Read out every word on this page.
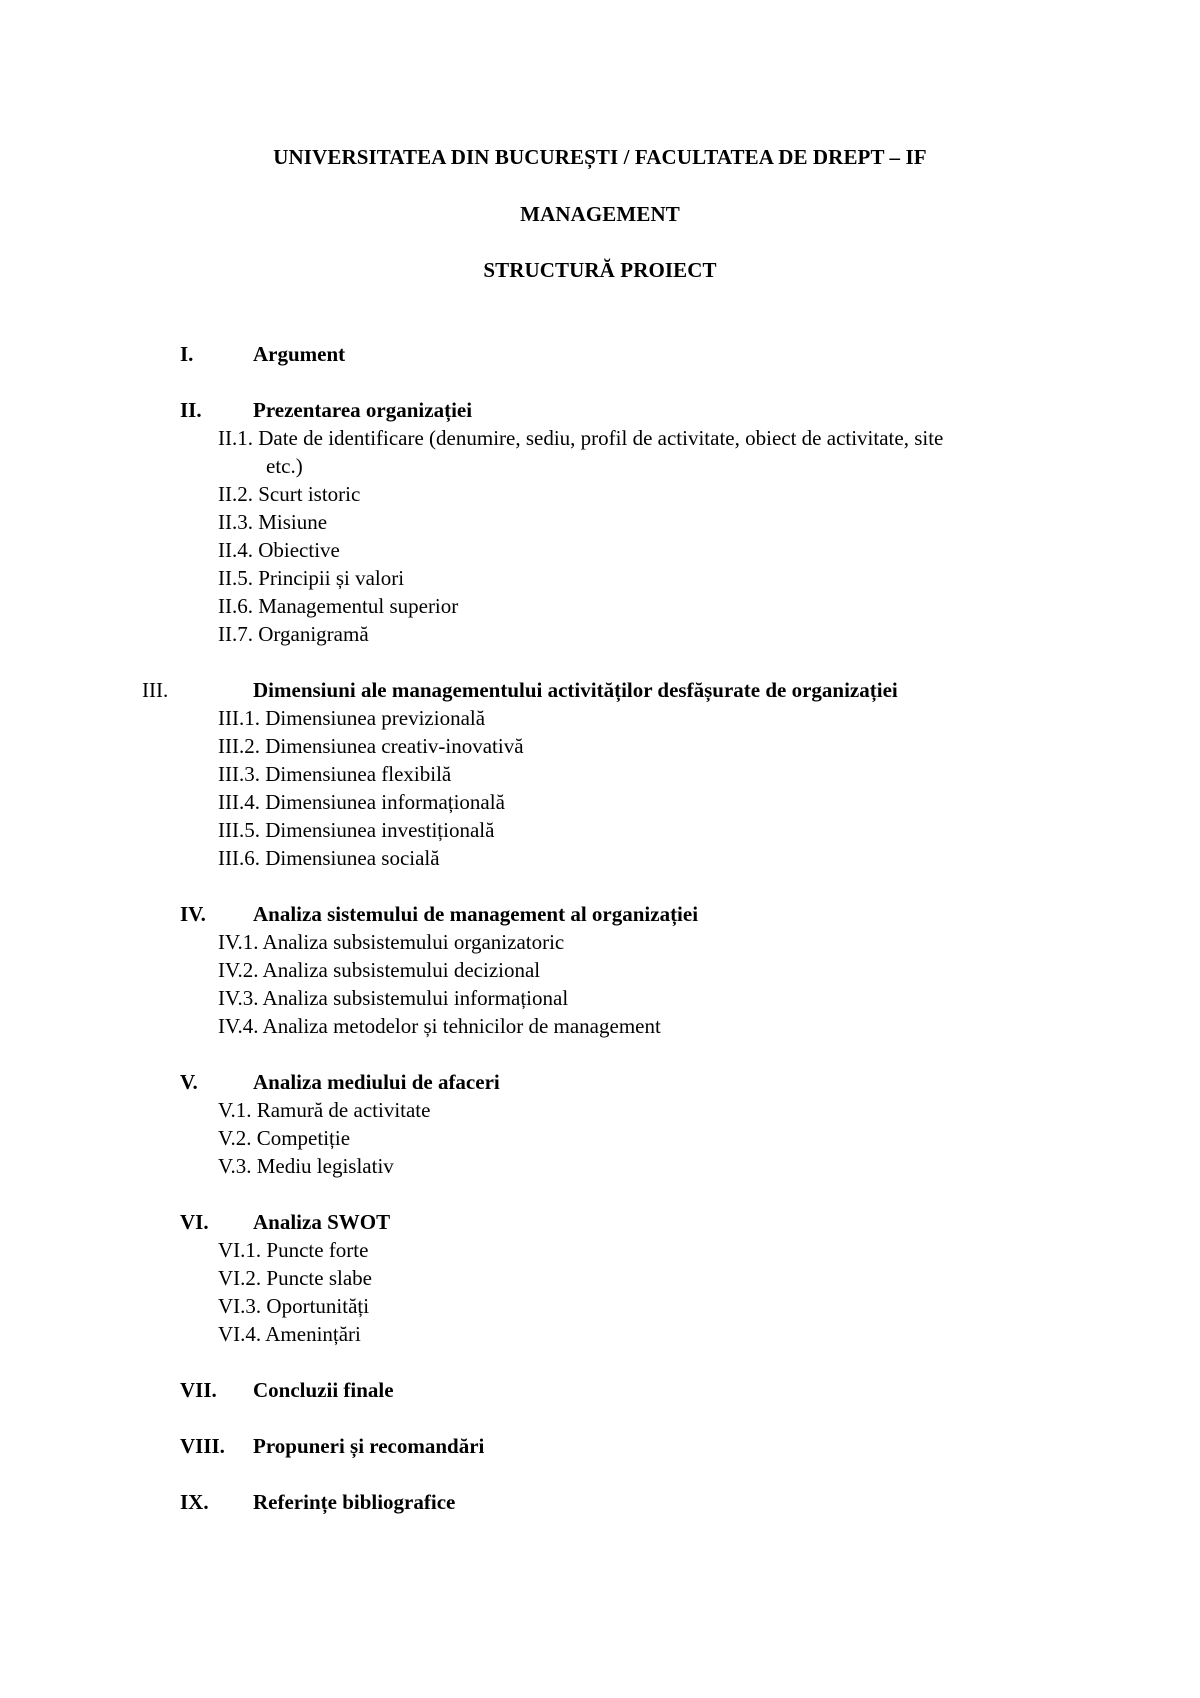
UNIVERSITATEA DIN BUCUREȘTI / FACULTATEA DE DREPT – IF
MANAGEMENT
STRUCTURĂ PROIECT
I.	Argument
II. Prezentarea organizației
II.1. Date de identificare (denumire, sediu, profil de activitate, obiect de activitate, site
etc.)
II.2. Scurt istoric
II.3. Misiune
II.4. Obiective
II.5. Principii și valori
II.6. Managementul superior
II.7. Organigramă
III.	Dimensiuni ale managementului activităților desfășurate de organizației
III.1. Dimensiunea previzională
III.2. Dimensiunea creativ-inovativă
III.3. Dimensiunea flexibilă
III.4. Dimensiunea informațională
III.5. Dimensiunea investițională
III.6. Dimensiunea socială
IV. Analiza sistemului de management al organizației
IV.1. Analiza subsistemului organizatoric
IV.2. Analiza subsistemului decizional
IV.3. Analiza subsistemului informațional
IV.4. Analiza metodelor și tehnicilor de management
V.	Analiza mediului de afaceri
V.1. Ramură de activitate
V.2. Competiție
V.3. Mediu legislativ
VI. Analiza SWOT
VI.1. Puncte forte
VI.2. Puncte slabe
VI.3. Oportunități
VI.4. Amenințări
VII. Concluzii finale
VIII. Propuneri și recomandări
IX. Referințe bibliografice
